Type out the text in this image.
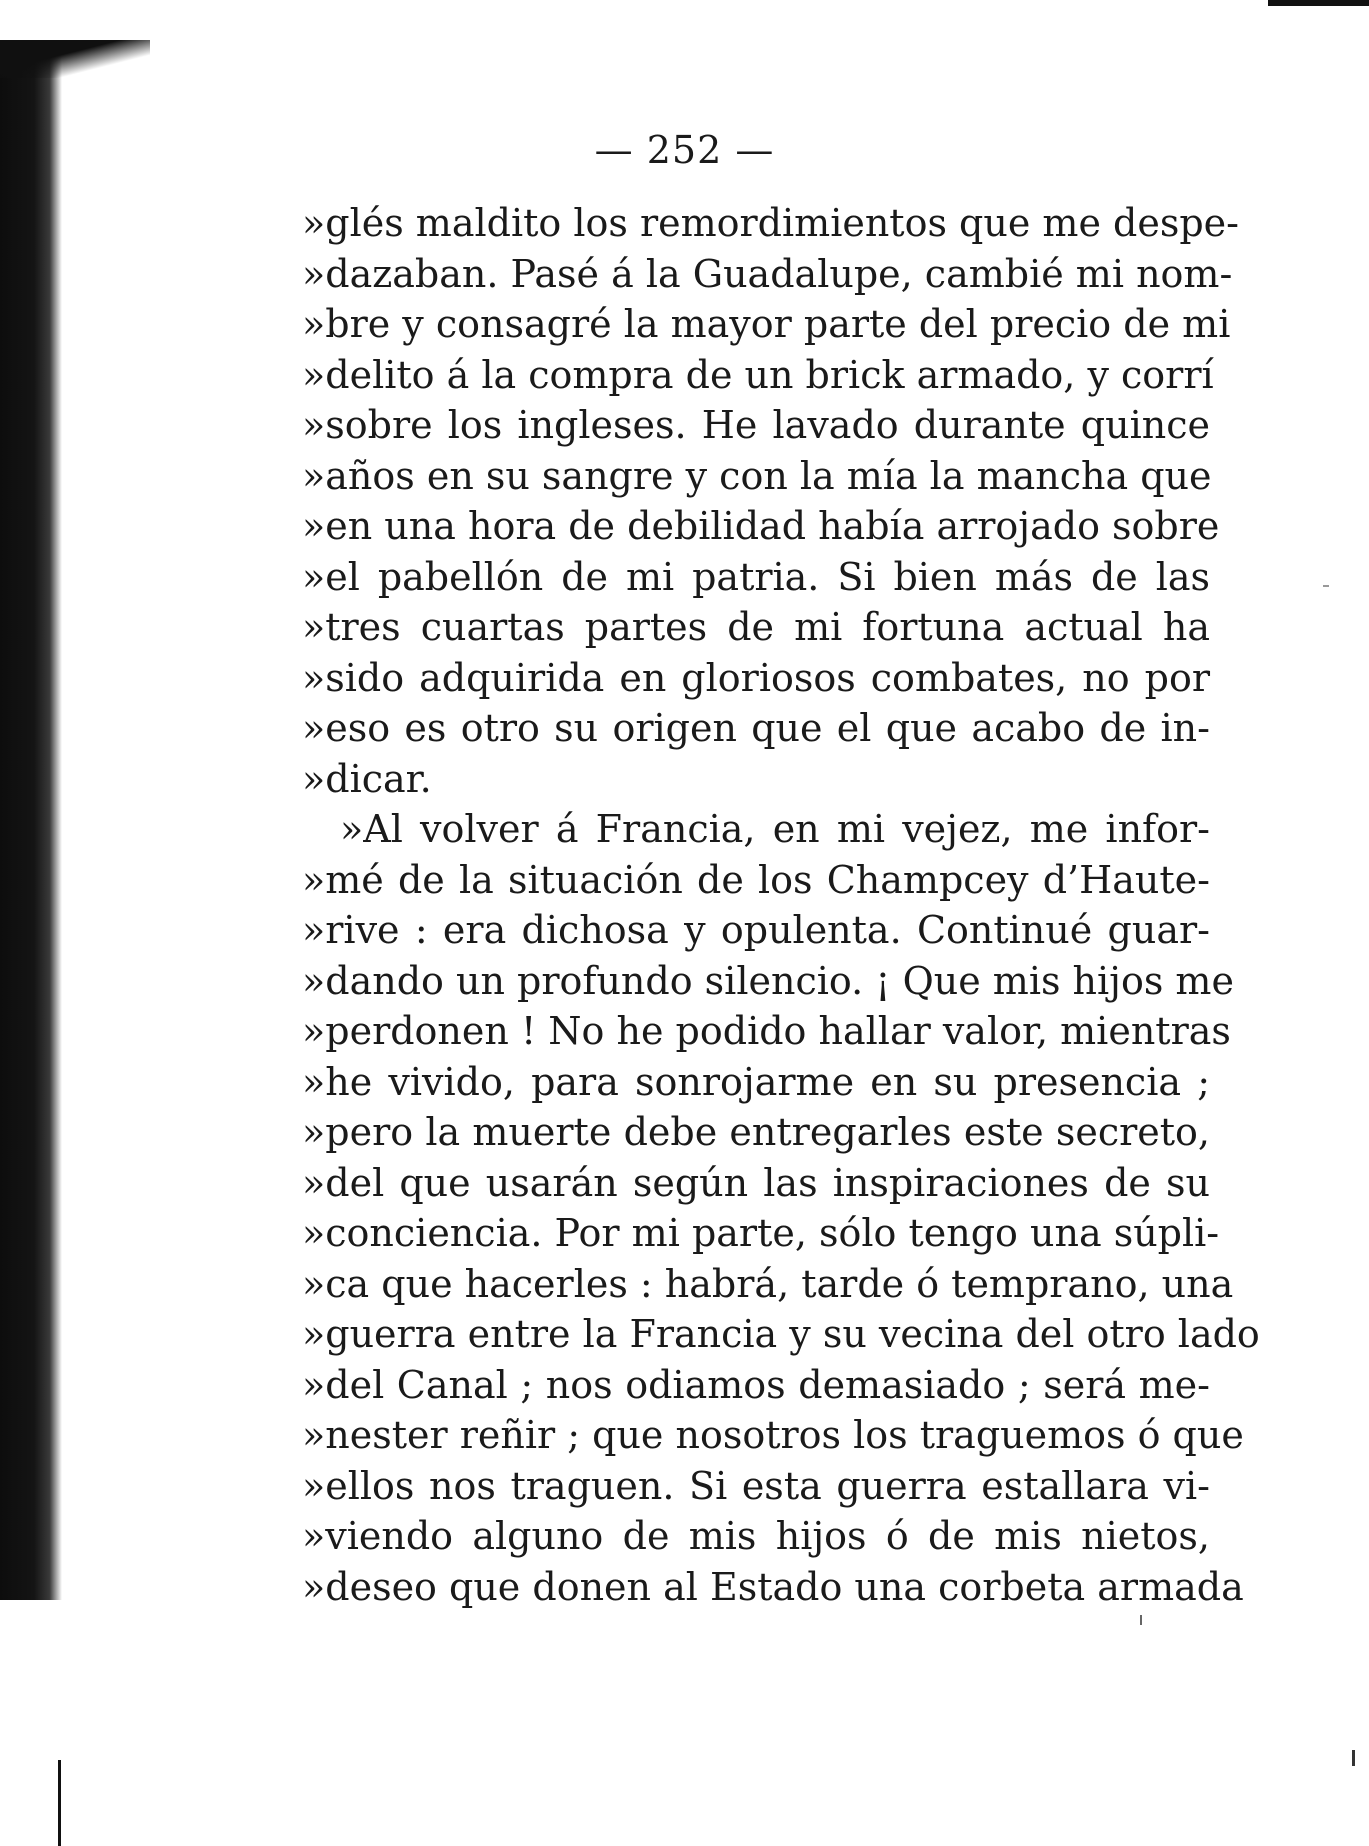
— 252 —
»glés maldito los remordimientos que me despe-
»dazaban. Pasé á la Guadalupe, cambié mi nom-
»bre y consagré la mayor parte del precio de mi
»delito á la compra de un brick armado, y corrí
»sobre los ingleses. He lavado durante quince
»años en su sangre y con la mía la mancha que
»en una hora de debilidad había arrojado sobre
»el pabellón de mi patria. Si bien más de las
»tres cuartas partes de mi fortuna actual ha
»sido adquirida en gloriosos combates, no por
»eso es otro su origen que el que acabo de in-
»dicar.
»Al volver á Francia, en mi vejez, me infor-
»mé de la situación de los Champcey d’Haute-
»rive : era dichosa y opulenta. Continué guar-
»dando un profundo silencio. ¡ Que mis hijos me
»perdonen ! No he podido hallar valor, mientras
»he vivido, para sonrojarme en su presencia ;
»pero la muerte debe entregarles este secreto,
»del que usarán según las inspiraciones de su
»conciencia. Por mi parte, sólo tengo una súpli-
»ca que hacerles : habrá, tarde ó temprano, una
»guerra entre la Francia y su vecina del otro lado
»del Canal ; nos odiamos demasiado ; será me-
»nester reñir ; que nosotros los traguemos ó que
»ellos nos traguen. Si esta guerra estallara vi-
»viendo alguno de mis hijos ó de mis nietos,
»deseo que donen al Estado una corbeta armada
